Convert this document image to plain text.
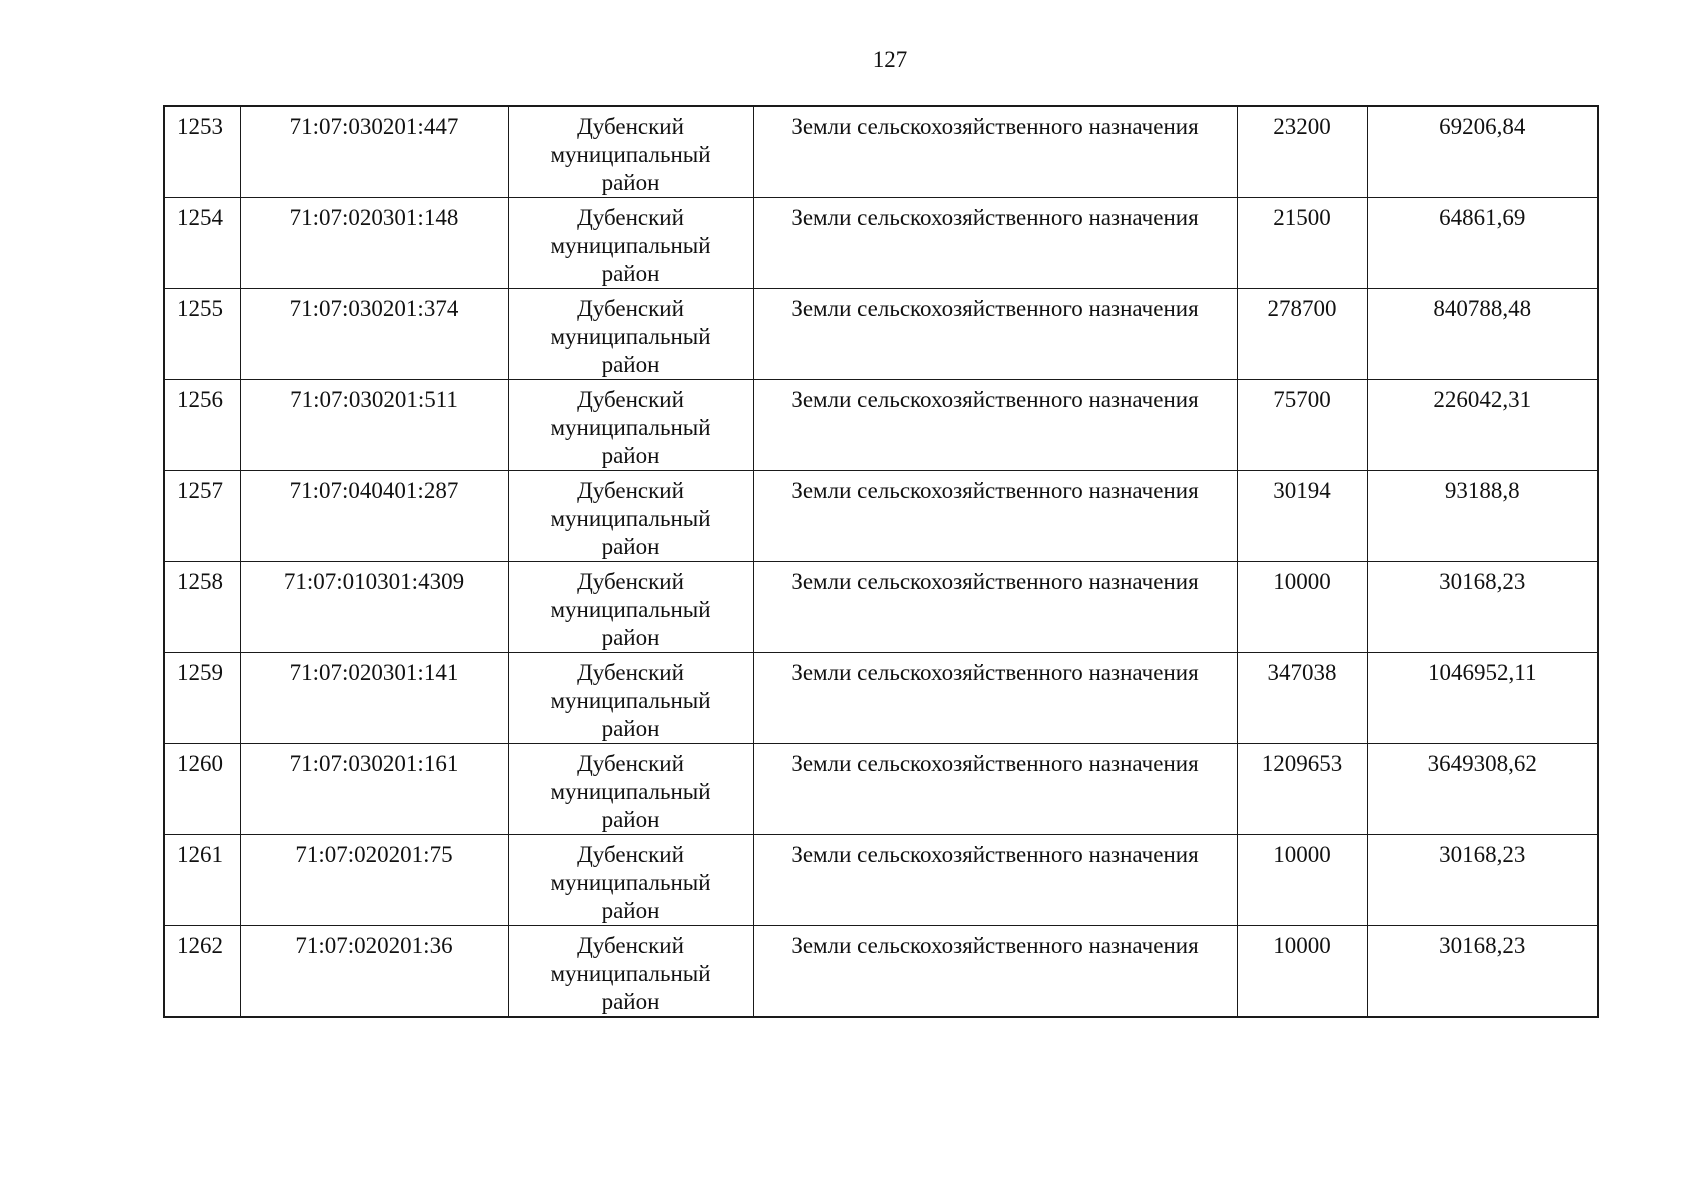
127
1253	71:07:030201:447	Дубенский
муниципальный
район	Земли сельскохозяйственного назначения	23200	69206,84
1254	71:07:020301:148	Дубенский
муниципальный
район	Земли сельскохозяйственного назначения	21500	64861,69
1255	71:07:030201:374	Дубенский
муниципальный
район	Земли сельскохозяйственного назначения	278700	840788,48
1256	71:07:030201:511	Дубенский
муниципальный
район	Земли сельскохозяйственного назначения	75700	226042,31
1257	71:07:040401:287	Дубенский
муниципальный
район	Земли сельскохозяйственного назначения	30194	93188,8
1258	71:07:010301:4309	Дубенский
муниципальный
район	Земли сельскохозяйственного назначения	10000	30168,23
1259	71:07:020301:141	Дубенский
муниципальный
район	Земли сельскохозяйственного назначения	347038	1046952,11
1260	71:07:030201:161	Дубенский
муниципальный
район	Земли сельскохозяйственного назначения	1209653	3649308,62
1261	71:07:020201:75	Дубенский
муниципальный
район	Земли сельскохозяйственного назначения	10000	30168,23
1262	71:07:020201:36	Дубенский
муниципальный
район	Земли сельскохозяйственного назначения	10000	30168,23
